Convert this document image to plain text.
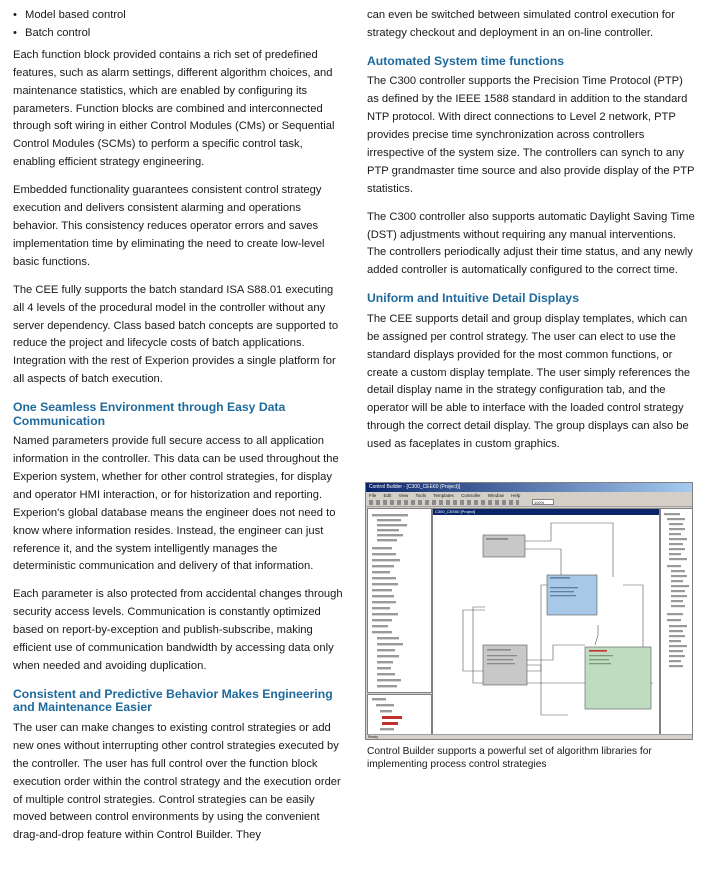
• Model based control
• Batch control

Each function block provided contains a rich set of predefined features, such as alarm settings, different algorithm choices, and maintenance statistics, which are enabled by configuring its parameters. Function blocks are combined and interconnected through soft wiring in either Control Modules (CMs) or Sequential Control Modules (SCMs) to perform a specific control task, enabling efficient strategy engineering.

Embedded functionality guarantees consistent control strategy execution and delivers consistent alarming and operations behavior. This consistency reduces operator errors and saves implementation time by eliminating the need to create low-level basic functions.

The CEE fully supports the batch standard ISA S88.01 executing all 4 levels of the procedural model in the controller without any server dependency. Class based batch concepts are supported to reduce the project and lifecycle costs of batch applications. Integration with the rest of Experion provides a single platform for all aspects of batch execution.

One Seamless Environment through Easy Data Communication

Named parameters provide full secure access to all application information in the controller. This data can be used throughout the Experion system, whether for other control strategies, for display and operator HMI interaction, or for historization and reporting. Experion's global database means the engineer does not need to know where information resides. Instead, the engineer can just reference it, and the system intelligently manages the deterministic communication and delivery of that information.

Each parameter is also protected from accidental changes through security access levels. Communication is constantly optimized based on report-by-exception and publish-subscribe, making efficient use of communication bandwidth by accessing data only when needed and avoiding duplication.

Consistent and Predictive Behavior Makes Engineering and Maintenance Easier

The user can make changes to existing control strategies or add new ones without interrupting other control strategies executed by the controller. The user has full control over the function block execution order within the control strategy and the execution order of multiple control strategies. Control strategies can be easily moved between control environments by using the convenient drag-and-drop feature within Control Builder. They

can even be switched between simulated control execution for strategy checkout and deployment in an on-line controller.

Automated System time functions

The C300 controller supports the Precision Time Protocol (PTP) as defined by the IEEE 1588 standard in addition to the standard NTP protocol. With direct connections to Level 2 network, PTP provides precise time synchronization across controllers irrespective of the system size. The controllers can synch to any PTP grandmaster time source and also provide display of the PTP statistics.

The C300 controller also supports automatic Daylight Saving Time (DST) adjustments without requiring any manual interventions. The controllers periodically adjust their time status, and any newly added controller is automatically configured to the correct time.

Uniform and Intuitive Detail Displays

The CEE supports detail and group display templates, which can be assigned per control strategy. The user can elect to use the standard displays provided for the most common functions, or create a custom display template. The user simply references the detail display name in the strategy configuration tab, and the operator will be able to interface with the loaded control strategy through the correct detail display. The group displays can also be used as faceplates in custom graphics.

Control Builder - [C300_CEE60 (Project)]
File Edit View Tools Templates Controller Window Help
100%
C300_CEE60 [Project]
Ready
Control Builder supports a powerful set of algorithm libraries for implementing process control strategies
